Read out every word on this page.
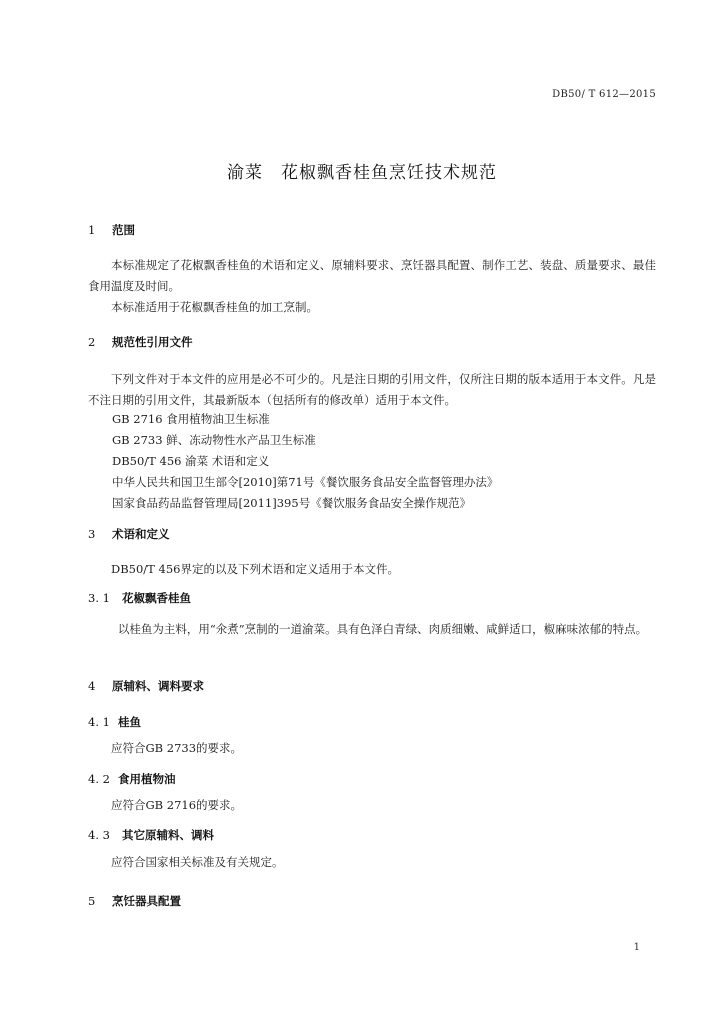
DB50/ T 612—2015
渝菜　花椒飘香桂鱼烹饪技术规范
1 范围
本标准规定了花椒飘香桂鱼的术语和定义、原辅料要求、烹饪器具配置、制作工艺、装盘、质量要求、最佳食用温度及时间。
本标准适用于花椒飘香桂鱼的加工烹制。
2 规范性引用文件
下列文件对于本文件的应用是必不可少的。凡是注日期的引用文件，仅所注日期的版本适用于本文件。凡是不注日期的引用文件，其最新版本（包括所有的修改单）适用于本文件。
GB 2716 食用植物油卫生标准
GB 2733 鲜、冻动物性水产品卫生标准
DB50/T 456 渝菜 术语和定义
中华人民共和国卫生部令[2010]第71号《餐饮服务食品安全监督管理办法》
国家食品药品监督管理局[2011]395号《餐饮服务食品安全操作规范》
3 术语和定义
DB50/T 456界定的以及下列术语和定义适用于本文件。
3. 1 花椒飘香桂鱼
以桂鱼为主料，用“氽煮”烹制的一道渝菜。具有色泽白青绿、肉质细嫩、咸鲜适口，椒麻味浓郁的特点。
4 原辅料、调料要求
4. 1 桂鱼
应符合GB 2733的要求。
4. 2 食用植物油
应符合GB 2716的要求。
4. 3 其它原辅料、调料
应符合国家相关标准及有关规定。
5 烹饪器具配置
1
